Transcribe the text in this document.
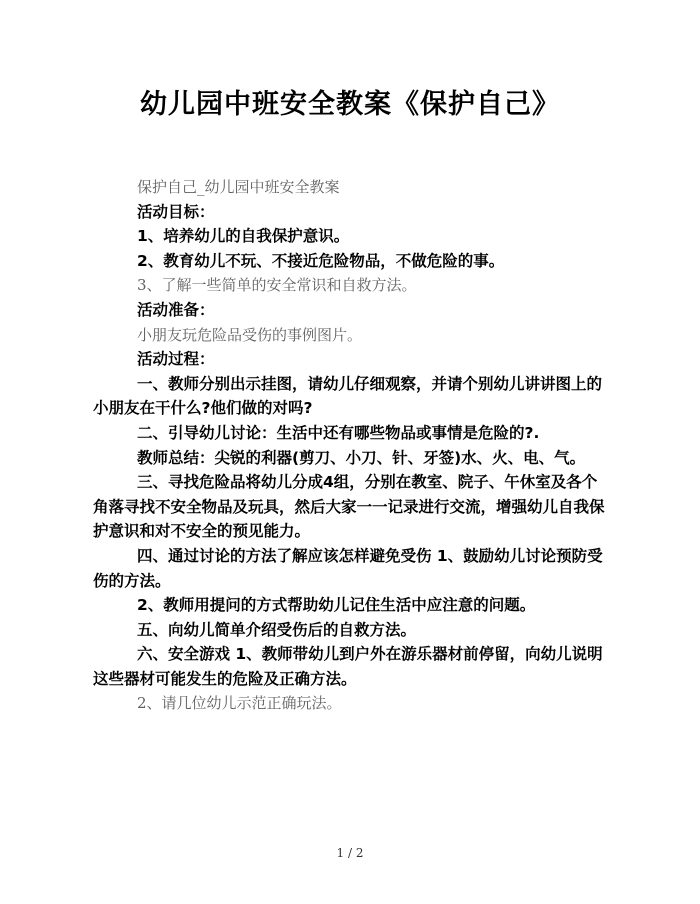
幼儿园中班安全教案《保护自己》

保护自己_幼儿园中班安全教案

活动目标：

1、培养幼儿的自我保护意识。

2、教育幼儿不玩、不接近危险物品，不做危险的事。

3、了解一些简单的安全常识和自救方法。

活动准备：

小朋友玩危险品受伤的事例图片。

活动过程：

一、教师分别出示挂图，请幼儿仔细观察，并请个别幼儿讲讲图上的小朋友在干什么?他们做的对吗?

二、引导幼儿讨论：生活中还有哪些物品或事情是危险的?.

教师总结：尖锐的利器(剪刀、小刀、针、牙签)水、火、电、气。

三、寻找危险品将幼儿分成4组，分别在教室、院子、午休室及各个角落寻找不安全物品及玩具，然后大家一一记录进行交流，增强幼儿自我保护意识和对不安全的预见能力。

四、通过讨论的方法了解应该怎样避免受伤 1、鼓励幼儿讨论预防受伤的方法。

2、教师用提问的方式帮助幼儿记住生活中应注意的问题。

五、向幼儿简单介绍受伤后的自救方法。

六、安全游戏 1、教师带幼儿到户外在游乐器材前停留，向幼儿说明这些器材可能发生的危险及正确方法。

2、请几位幼儿示范正确玩法。

1 / 2
